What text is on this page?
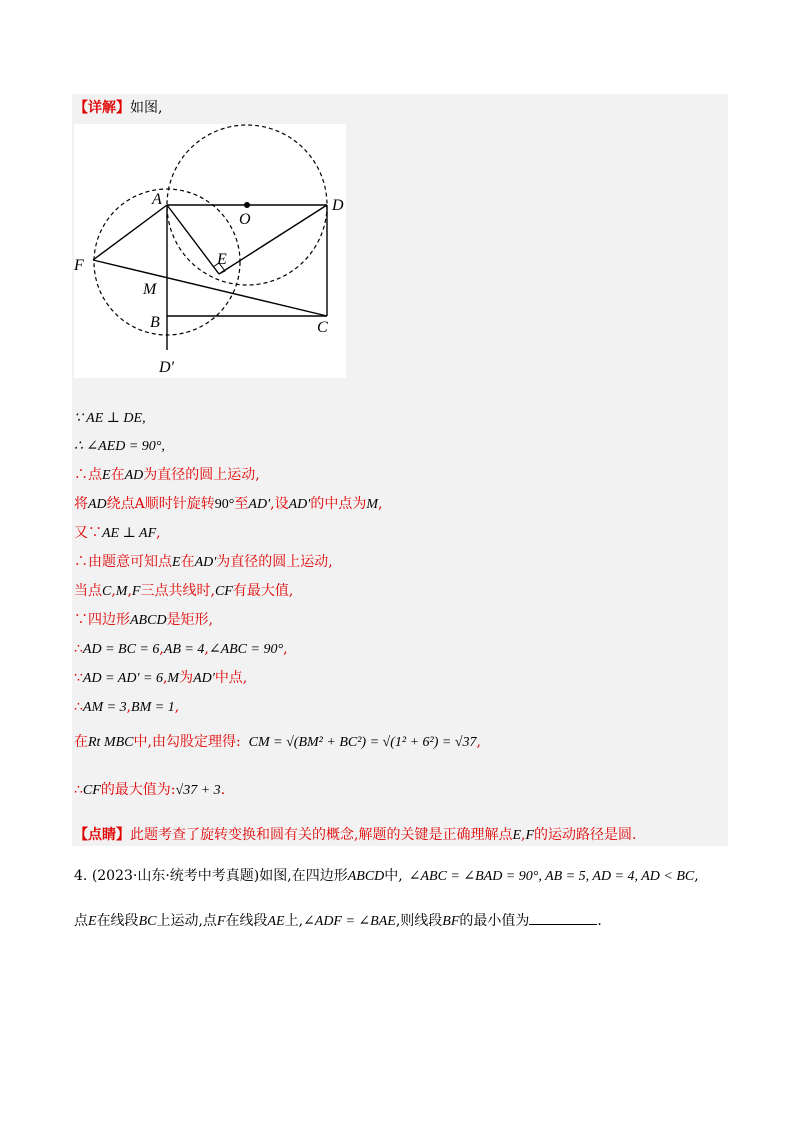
【详解】如图,
A	D
O
E
F
M
B	C
D′
∵ AE ⊥ DE,
∴ ∠AED = 90°,
∴点E在AD为直径的圆上运动,
将AD绕点A顺时针旋转90°至AD′,设AD′的中点为M,
又∵AE ⊥ AF,
∴由题意可知点E在AD′为直径的圆上运动,
当点C,M,F三点共线时,CF有最大值,
∵四边形ABCD是矩形,
∴AD = BC = 6,AB = 4,∠ABC = 90°,
∵AD = AD′ = 6,M为AD′中点,
∴AM = 3,BM = 1,
在Rt MBC中,由勾股定理得: CM = √(BM² + BC²) = √(1² + 6²) = √37,
∴CF的最大值为:√37 + 3.
【点睛】此题考查了旋转变换和圆有关的概念,解题的关键是正确理解点E,F的运动路径是圆.
4. (2023·山东·统考中考真题)如图,在四边形ABCD中, ∠ABC = ∠BAD = 90°, AB = 5, AD = 4, AD < BC,
点E在线段BC上运动,点F在线段AE上,∠ADF = ∠BAE,则线段BF的最小值为	.
